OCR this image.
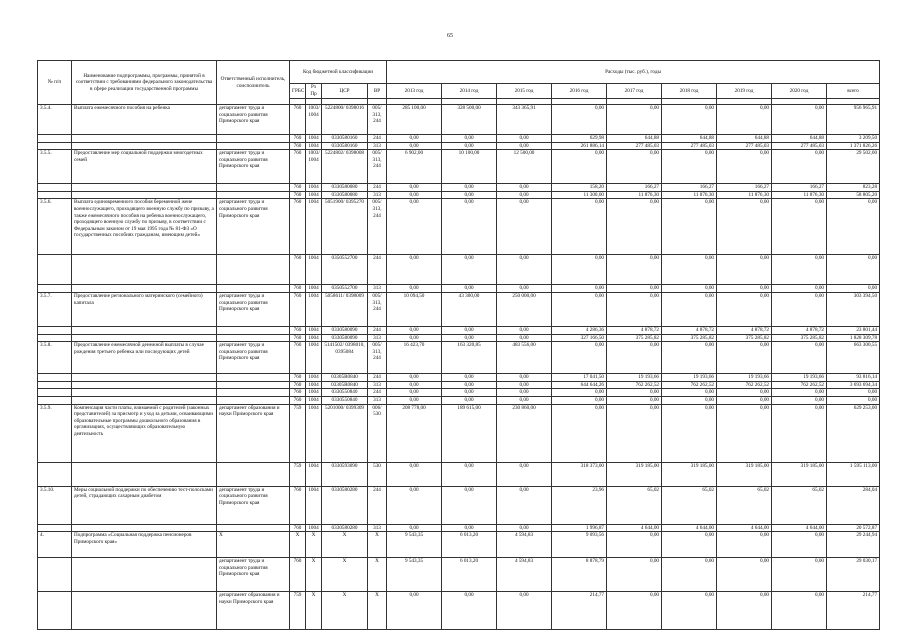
65
№ п/п	Наименование подпрограммы, программы, принятой в соответствии с требованиями федерального законодательства в сфере реализации государственной программы	Ответственный исполнитель, соисполнитель	Код бюджетной классификации				Расходы (тыс. руб.), годы								
			ГРБС	Рз Пр	ЦСР	ВР	2013 год	2014 год	2015 год	2016 год	2017 год	2018 год	2019 год	2020 год	всего

3.5.4.	Выплата ежемесячного пособия на ребенка	департамент труда и социального развития Приморского края	760	1003/ 1004	5224800/ 0398016	005/ 313, 244	285 100,00	328 500,00	343 365,91	0,00	0,00	0,00	0,00	0,00	956 965,91
			760	1004	0330580160	244	0,00	0,00	0,00	629,98	644,88	644,88	644,88	644,88	3 209,50
			760	1004	0330580160	313	0,00	0,00	0,00	261 886,14	277 485,03	277 485,03	277 485,03	277 485,03	1 371 826,26
3.5.5.	Предоставление мер социальной поддержки многодетных семей	департамент труда и социального развития Приморского края	760	1003/ 1004	5224802/ 0398008	005/ 313, 244	6 902,00	10 100,00	12 500,00	0,00	0,00	0,00	0,00	0,00	29 502,00
			760	1004	0330580080	244	0,00	0,00	0,00	158,20	166,27	166,27	166,27	166,27	823,28
			760	1004	0330580080	313	0,00	0,00	0,00	11 300,00	11 876,30	11 876,30	11 876,30	11 876,30	58 805,20
3.5.6.	Выплата единовременного пособия беременной жене военнослужащего, проходящего военную службу по призыву, а также ежемесячного пособия на ребенка военнослужащего, проходящего военную службу по призыву, в соответствии с Федеральным законом от 19 мая 1995 года № 81-ФЗ «О государственных пособиях гражданам, имеющим детей»	департамент труда и социального развития Приморского края	760	1004	5051900/ 0395270	005/ 313, 244	0,00	0,00	0,00	0,00	0,00	0,00	0,00	0,00	0,00
			760	1004	0350552700	244	0,00	0,00	0,00	0,00	0,00	0,00	0,00	0,00	0,00
			760	1004	0350552700	313	0,00	0,00	0,00	0,00	0,00	0,00	0,00	0,00	0,00
3.5.7.	Предоставление регионального материнского (семейного) капитала	департамент труда и социального развития Приморского края	760	1004	5058611/ 0398009	005/ 313, 244	10 094,50	43 300,00	250 000,00	0,00	0,00	0,00	0,00	0,00	303 394,50
			760	1004	0330580090	244	0,00	0,00	0,00	4 286,36	4 878,72	4 878,72	4 878,72	4 878,72	23 801,44
			760	1004	0330580090	313	0,00	0,00	0,00	327 166,50	375 285,82	375 285,82	375 285,82	375 285,82	1 828 309,78
3.5.8.	Предоставление ежемесячной денежной выплаты в случае рождения третьего ребенка или последующих детей	департамент труда и социального развития Приморского края	760	1004	5141502/ 0398010, 0395084	005/ 313, 244	16 423,70	163 320,85	483 556,00	0,00	0,00	0,00	0,00	0,00	663 300,55
			760	1004	03305R0840	244	0,00	0,00	0,00	17 041,50	19 193,66	19 193,66	19 193,66	19 193,66	93 816,14
			760	1004	03305R0840	313	0,00	0,00	0,00	644 644,26	762 262,52	762 262,52	762 262,52	762 262,52	3 693 694,34
			760	1004	0330550840	244	0,00	0,00	0,00	0,00	0,00	0,00	0,00	0,00	0,00
			760	1004	0330550840	313	0,00	0,00	0,00	0,00	0,00	0,00	0,00	0,00	0,00
3.5.9.	Компенсация части платы, взимаемой с родителей (законных представителей) за присмотр и уход за детьми, осваивающими образовательные программы дошкольного образования в организациях, осуществляющих образовательную деятельность	департамент образования и науки Приморского края	759	1004	5201000/ 0399309	006/ 530	208 778,00	189 615,00	230 860,00	0,00	0,00	0,00	0,00	0,00	629 253,00
			759	1004	0330593090	530	0,00	0,00	0,00	318 373,00	319 185,00	319 185,00	319 185,00	319 185,00	1 595 113,00
3.5.10.	Меры социальной поддержки по обеспечению тест-полосками детей, страдающих сахарным диабетом	департамент труда и социального развития Приморского края	760	1004	0330580280	244	0,00	0,00	0,00	23,96	65,02	65,02	65,02	65,02	284,04
			760	1004	0330580280	313	0,00	0,00	0,00	1 996,87	4 644,00	4 644,00	4 644,00	4 644,00	20 572,87
4.	Подпрограмма «Социальная поддержка пенсионеров Приморского края»	Х	Х	Х	Х	Х	9 543,35	6 013,20	4 594,83	9 093,56	0,00	0,00	0,00	0,00	29 244,94
		департамент труда и социального развития Приморского края	760	Х	Х	Х	9 543,35	6 013,20	4 594,83	8 878,79	0,00	0,00	0,00	0,00	29 030,17
		департамент образования и науки Приморского края	759	Х	Х	Х	0,00	0,00	0,00	214,77	0,00	0,00	0,00	0,00	214,77
